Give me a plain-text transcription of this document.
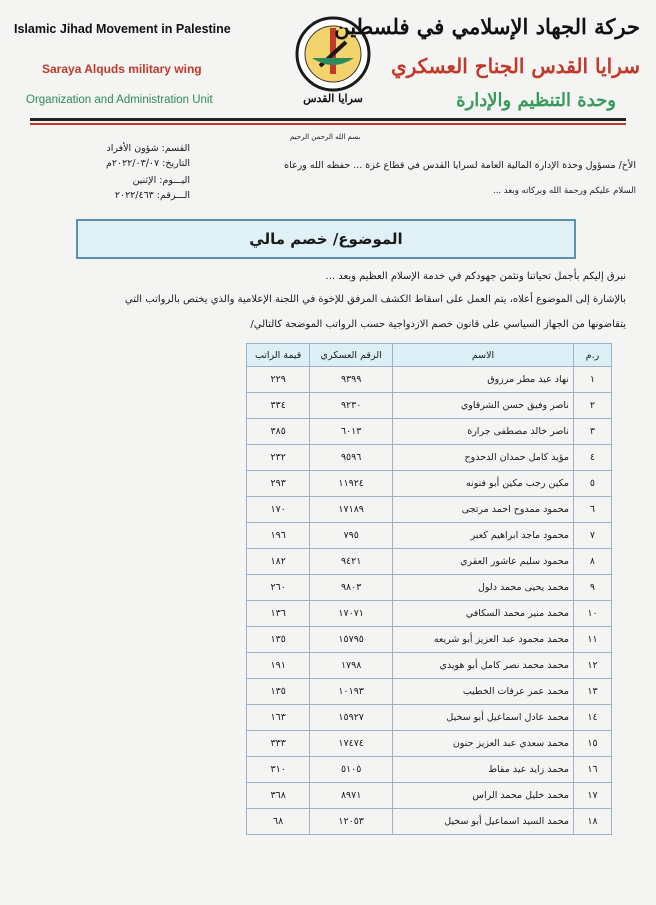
Islamic Jihad Movement in Palestine
Saraya Alquds military wing
Organization and Administration Unit	سرايا القدس
حركة الجهاد الإسلامي في فلسطين
سرايا القدس الجناح العسكري
وحدة التنظيم والإدارة
بسم الله الرحمن الرحيم
القسم: شؤون الأفراد
التاريخ: ٢٠٢٢/٠٣/٠٧م
اليـــوم: الإثنين
الـــرقم: ٢٠٢٢/٤٦٣
الأخ/ مسؤول وحدة الإدارة المالية العامة لسرايا القدس في قطاع غزة ... حفظه الله ورعاه
السلام عليكم ورحمة الله وبركاته وبعد ...
الموضوع/ خصم مالي
نبرق إليكم بأجمل تحياتنا ونثمن جهودكم في خدمة الإسلام العظيم وبعد ...
بالإشارة إلى الموضوع أعلاه، يتم العمل على اسقاط الكشف المرفق للإخوة في اللجنة الإعلامية والذي يختص بالرواتب التي
يتقاضونها من الجهاز السياسي على قانون خصم الازدواجية حسب الرواتب الموضحة كالتالي/
ر.م	الاسم	الرقم العسكري	قيمة الراتب
١	نهاد عيد مطر مرزوق	٩٣٩٩	٢٢٩
٢	ناصر وفيق حسن الشرقاوي	٩٢٣٠	٣٣٤
٣	ناصر خالد مصطفى جرارة	٦٠١٣	٣٨٥
٤	مؤيد كامل حمدان الدحدوح	٩٥٩٦	٢٣٢
٥	مكين رجب مكين أبو فنونه	١١٩٢٤	٢٩٣
٦	محمود ممدوح احمد مرتجى	١٧١٨٩	١٧٠
٧	محمود ماجد ابراهيم كعبر	٧٩٥	١٩٦
٨	محمود سليم عاشور العقري	٩٤٢١	١٨٢
٩	محمد يحيى محمد دلول	٩٨٠٣	٢٦٠
١٠	محمد منير محمد السكافي	١٧٠٧١	١٣٦
١١	محمد محمود عبد العزيز أبو شريعه	١٥٧٩٥	١٣٥
١٢	محمد محمد نصر كامل أبو هويدي	١٧٩٨	١٩١
١٣	محمد عمر عرفات الخطيب	١٠١٩٣	١٣٥
١٤	محمد عادل اسماعيل أبو سخيل	١٥٩٢٧	١٦٣
١٥	محمد سعدي عبد العزيز حنون	١٧٤٧٤	٣٣٣
١٦	محمد زايد عيد مقاط	٥١٠٥	٣١٠
١٧	محمد خليل محمد الراس	٨٩٧١	٣٦٨
١٨	محمد السيد اسماعيل أبو سخيل	١٢٠٥٣	٦٨
